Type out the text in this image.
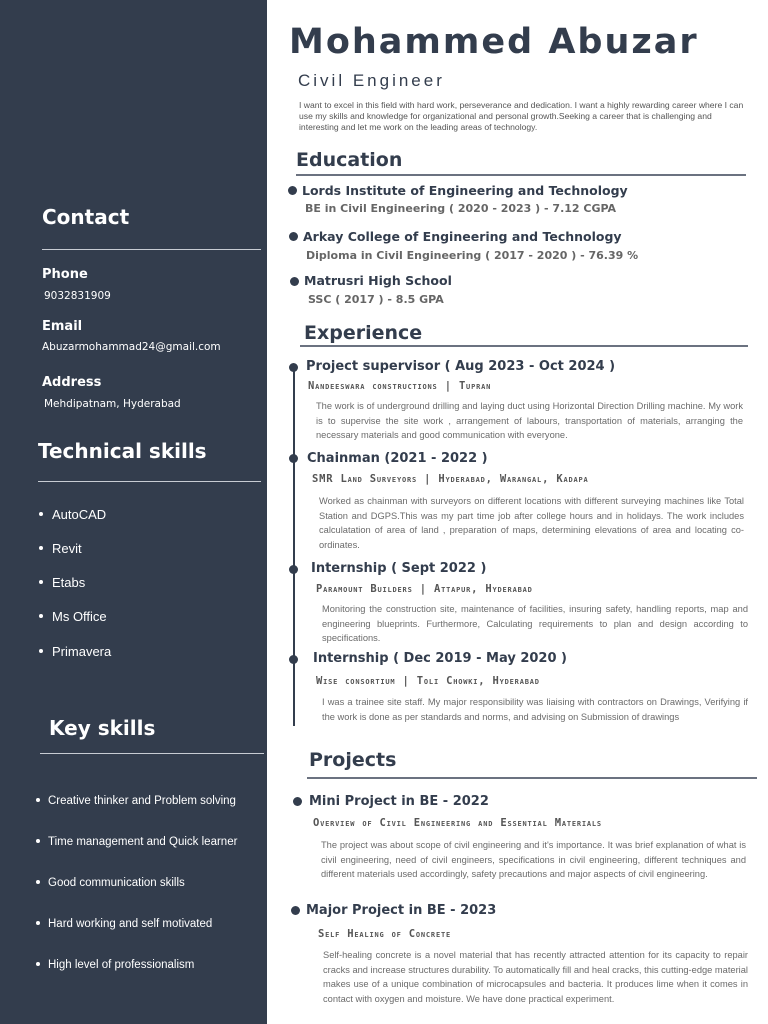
Contact
Phone
9032831909
Email
Abuzarmohammad24@gmail.com
Address
Mehdipatnam, Hyderabad
Technical skills
AutoCAD
Revit
Etabs
Ms Office
Primavera
Key skills
Creative thinker and Problem solving
Time management and Quick learner
Good communication skills
Hard working and self motivated
High level of professionalism
Mohammed Abuzar
Civil Engineer
I want to excel in this field with hard work, perseverance and dedication. I want a highly rewarding career where I can use my skills and knowledge for organizational and personal growth.Seeking a career that is challenging and interesting and let me work on the leading areas of technology.
Education
Lords Institute of Engineering and Technology
BE in Civil Engineering ( 2020 - 2023 ) - 7.12 CGPA
Arkay College of Engineering and Technology
Diploma in Civil Engineering ( 2017 - 2020 ) - 76.39 %
Matrusri High School
SSC ( 2017 ) - 8.5 GPA
Experience
Project supervisor ( Aug 2023 - Oct 2024 )
Nandeeswara constructions | Tupran
The work is of underground drilling and laying duct using Horizontal Direction Drilling machine. My work is to supervise the site work , arrangement of labours, transportation of materials, arranging the necessary materials and good communication with everyone.
Chainman (2021 - 2022 )
SMR Land Surveyors | Hyderabad, Warangal, Kadapa
Worked as chainman with surveyors on different locations with different surveying machines like Total Station and DGPS.This was my part time job after college hours and in holidays. The work includes calculatation of area of land , preparation of maps, determining elevations of area and locating co-ordinates.
Internship ( Sept 2022 )
Paramount Builders | Attapur, Hyderabad
Monitoring the construction site, maintenance of facilities, insuring safety, handling reports, map and engineering blueprints. Furthermore, Calculating requirements to plan and design according to specifications.
Internship ( Dec 2019 - May 2020 )
Wise consortium | Toli Chowki, Hyderabad
I was a trainee site staff. My major responsibility was liaising with contractors on Drawings, Verifying if the work is done as per standards and norms, and advising on Submission of drawings
Projects
Mini Project in BE - 2022
Overview of Civil Engineering and Essential Materials
The project was about scope of civil engineering and it's importance. It was brief explanation of what is civil engineering, need of civil engineers, specifications in civil engineering, different techniques and different materials used accordingly, safety precautions and major aspects of civil engineering.
Major Project in BE - 2023
Self Healing of Concrete
Self-healing concrete is a novel material that has recently attracted attention for its capacity to repair cracks and increase structures durability. To automatically fill and heal cracks, this cutting-edge material makes use of a unique combination of microcapsules and bacteria. It produces lime when it comes in contact with oxygen and moisture. We have done practical experiment.
